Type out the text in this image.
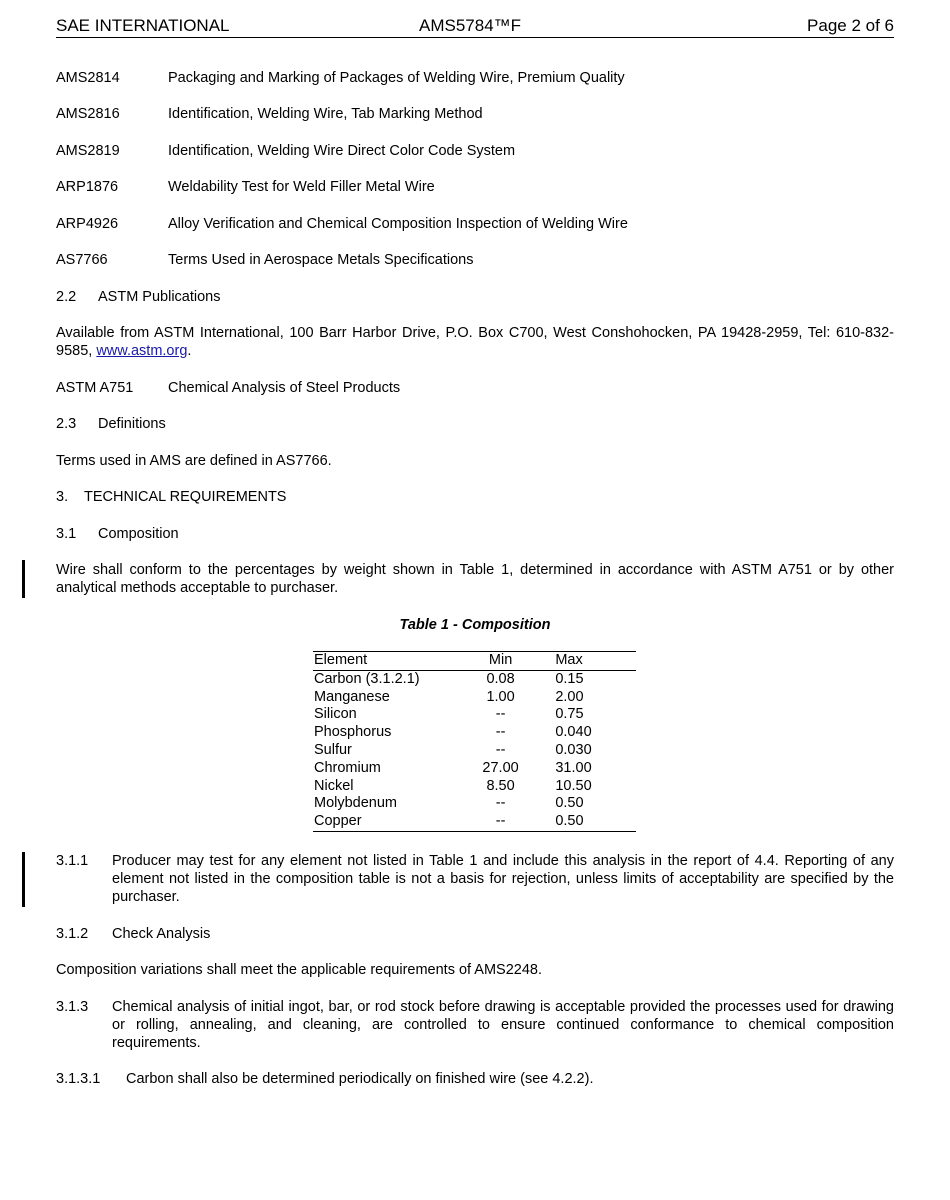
SAE INTERNATIONAL	AMS5784™F	Page 2 of 6
AMS2814	Packaging and Marking of Packages of Welding Wire, Premium Quality
AMS2816	Identification, Welding Wire, Tab Marking Method
AMS2819	Identification, Welding Wire Direct Color Code System
ARP1876	Weldability Test for Weld Filler Metal Wire
ARP4926	Alloy Verification and Chemical Composition Inspection of Welding Wire
AS7766	Terms Used in Aerospace Metals Specifications
2.2 ASTM Publications
Available from ASTM International, 100 Barr Harbor Drive, P.O. Box C700, West Conshohocken, PA 19428-2959, Tel: 610-832-9585, www.astm.org.
ASTM A751 Chemical Analysis of Steel Products
2.3 Definitions
Terms used in AMS are defined in AS7766.
3. TECHNICAL REQUIREMENTS
3.1 Composition
Wire shall conform to the percentages by weight shown in Table 1, determined in accordance with ASTM A751 or by other analytical methods acceptable to purchaser.
Table 1 - Composition
Element	Min	Max
Carbon (3.1.2.1)	0.08	0.15
Manganese	1.00	2.00
Silicon	--	0.75
Phosphorus	--	0.040
Sulfur	--	0.030
Chromium	27.00	31.00
Nickel	8.50	10.50
Molybdenum	--	0.50
Copper	--	0.50
3.1.1 Producer may test for any element not listed in Table 1 and include this analysis in the report of 4.4. Reporting of any element not listed in the composition table is not a basis for rejection, unless limits of acceptability are specified by the purchaser.
3.1.2 Check Analysis
Composition variations shall meet the applicable requirements of AMS2248.
3.1.3 Chemical analysis of initial ingot, bar, or rod stock before drawing is acceptable provided the processes used for drawing or rolling, annealing, and cleaning, are controlled to ensure continued conformance to chemical composition requirements.
3.1.3.1 Carbon shall also be determined periodically on finished wire (see 4.2.2).
